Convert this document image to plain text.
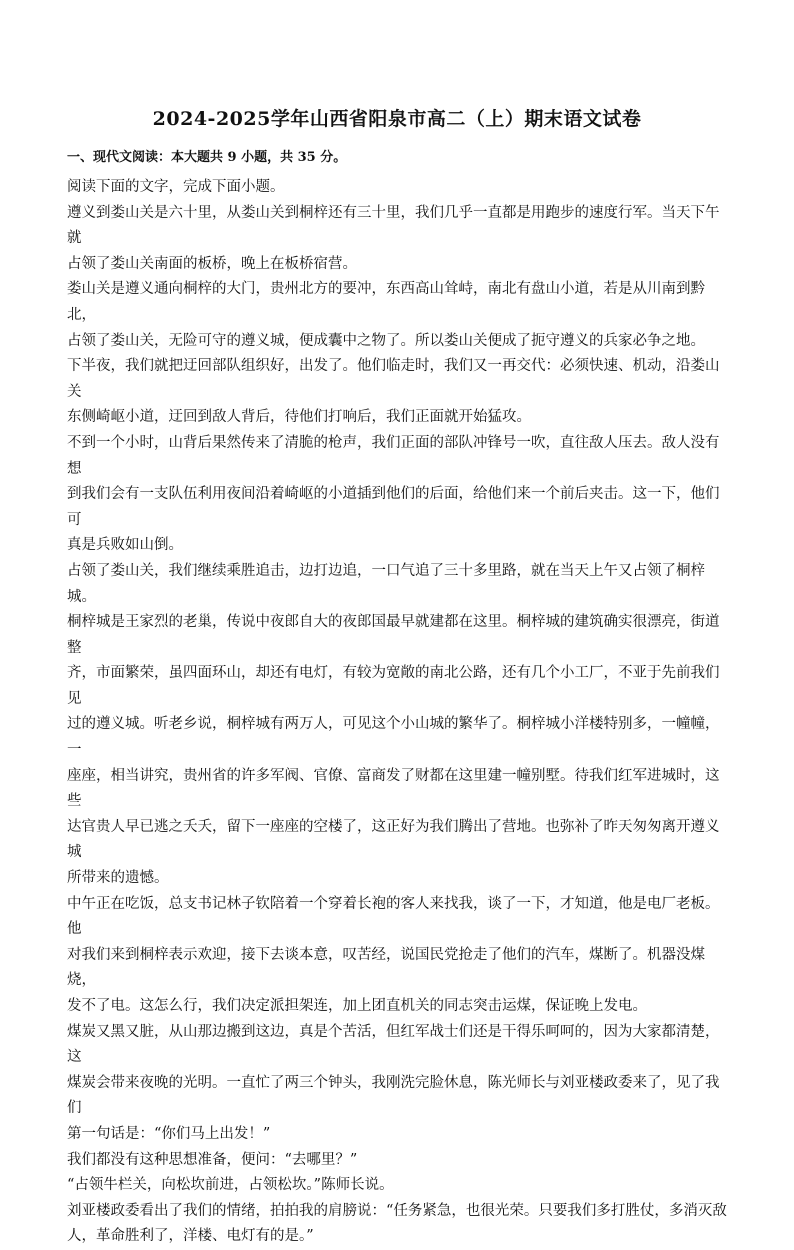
2024-2025学年山西省阳泉市高二（上）期末语文试卷
一、现代文阅读：本大题共 9 小题，共 35 分。

阅读下面的文字，完成下面小题。

遵义到娄山关是六十里，从娄山关到桐梓还有三十里，我们几乎一直都是用跑步的速度行军。当天下午就
占领了娄山关南面的板桥，晚上在板桥宿营。

娄山关是遵义通向桐梓的大门，贵州北方的要冲，东西高山耸峙，南北有盘山小道，若是从川南到黔北，
占领了娄山关，无险可守的遵义城，便成囊中之物了。所以娄山关便成了扼守遵义的兵家必争之地。

下半夜，我们就把迂回部队组织好，出发了。他们临走时，我们又一再交代：必须快速、机动，沿娄山关
东侧崎岖小道，迂回到敌人背后，待他们打响后，我们正面就开始猛攻。

不到一个小时，山背后果然传来了清脆的枪声，我们正面的部队冲锋号一吹，直往敌人压去。敌人没有想
到我们会有一支队伍利用夜间沿着崎岖的小道插到他们的后面，给他们来一个前后夹击。这一下，他们可
真是兵败如山倒。

占领了娄山关，我们继续乘胜追击，边打边追，一口气追了三十多里路，就在当天上午又占领了桐梓城。

桐梓城是王家烈的老巢，传说中夜郎自大的夜郎国最早就建都在这里。桐梓城的建筑确实很漂亮，街道整
齐，市面繁荣，虽四面环山，却还有电灯，有较为宽敞的南北公路，还有几个小工厂，不亚于先前我们见
过的遵义城。听老乡说，桐梓城有两万人，可见这个小山城的繁华了。桐梓城小洋楼特别多，一幢幢，一
座座，相当讲究，贵州省的许多军阀、官僚、富商发了财都在这里建一幢别墅。待我们红军进城时，这些
达官贵人早已逃之夭夭，留下一座座的空楼了，这正好为我们腾出了营地。也弥补了昨天匆匆离开遵义城
所带来的遗憾。

中午正在吃饭，总支书记林子钦陪着一个穿着长袍的客人来找我，谈了一下，才知道，他是电厂老板。他
对我们来到桐梓表示欢迎，接下去谈本意，叹苦经，说国民党抢走了他们的汽车，煤断了。机器没煤烧，
发不了电。这怎么行，我们决定派担架连，加上团直机关的同志突击运煤，保证晚上发电。

煤炭又黑又脏，从山那边搬到这边，真是个苦活，但红军战士们还是干得乐呵呵的，因为大家都清楚，这
煤炭会带来夜晚的光明。一直忙了两三个钟头，我刚洗完脸休息，陈光师长与刘亚楼政委来了，见了我们
第一句话是：“你们马上出发！”

我们都没有这种思想准备，便问：“去哪里？”

“占领牛栏关，向松坎前进，占领松坎。”陈师长说。

刘亚楼政委看出了我们的情绪，拍拍我的肩膀说：“任务紧急，也很光荣。只要我们多打胜仗，多消灭敌
人，革命胜利了，洋楼、电灯有的是。”
